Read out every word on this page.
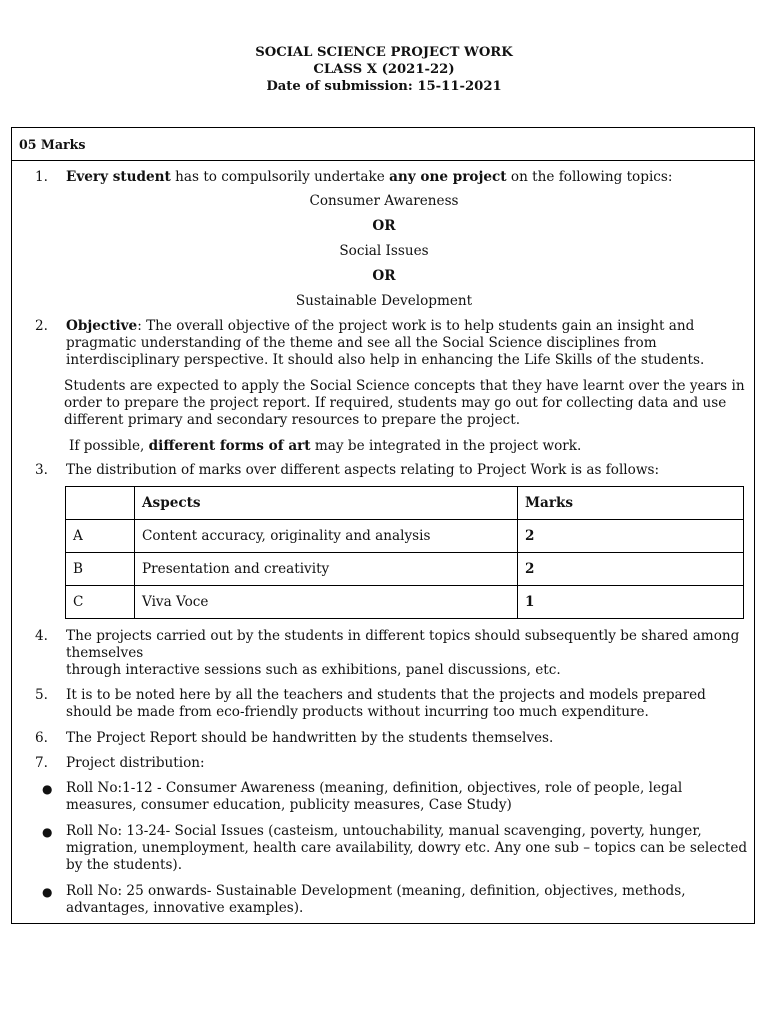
SOCIAL SCIENCE PROJECT WORK
CLASS X (2021-22)
Date of submission: 15-11-2021
05 Marks
1. Every student has to compulsorily undertake any one project on the following topics:
Consumer Awareness
OR
Social Issues
OR
Sustainable Development
2. Objective: The overall objective of the project work is to help students gain an insight and pragmatic understanding of the theme and see all the Social Science disciplines from interdisciplinary perspective. It should also help in enhancing the Life Skills of the students.
Students are expected to apply the Social Science concepts that they have learnt over the years in order to prepare the project report. If required, students may go out for collecting data and use different primary and secondary resources to prepare the project.
If possible, different forms of art may be integrated in the project work.
3. The distribution of marks over different aspects relating to Project Work is as follows:
	Aspects	Marks
A	Content accuracy, originality and analysis	2
B	Presentation and creativity	2
C	Viva Voce	1
4. The projects carried out by the students in different topics should subsequently be shared among themselves
through interactive sessions such as exhibitions, panel discussions, etc.
5. It is to be noted here by all the teachers and students that the projects and models prepared should be made from eco-friendly products without incurring too much expenditure.
6. The Project Report should be handwritten by the students themselves.
7. Project distribution:
● Roll No:1-12 - Consumer Awareness (meaning, definition, objectives, role of people, legal measures, consumer education, publicity measures, Case Study)
● Roll No: 13-24- Social Issues (casteism, untouchability, manual scavenging, poverty, hunger, migration, unemployment, health care availability, dowry etc. Any one sub – topics can be selected by the students).
● Roll No: 25 onwards- Sustainable Development (meaning, definition, objectives, methods, advantages, innovative examples).
